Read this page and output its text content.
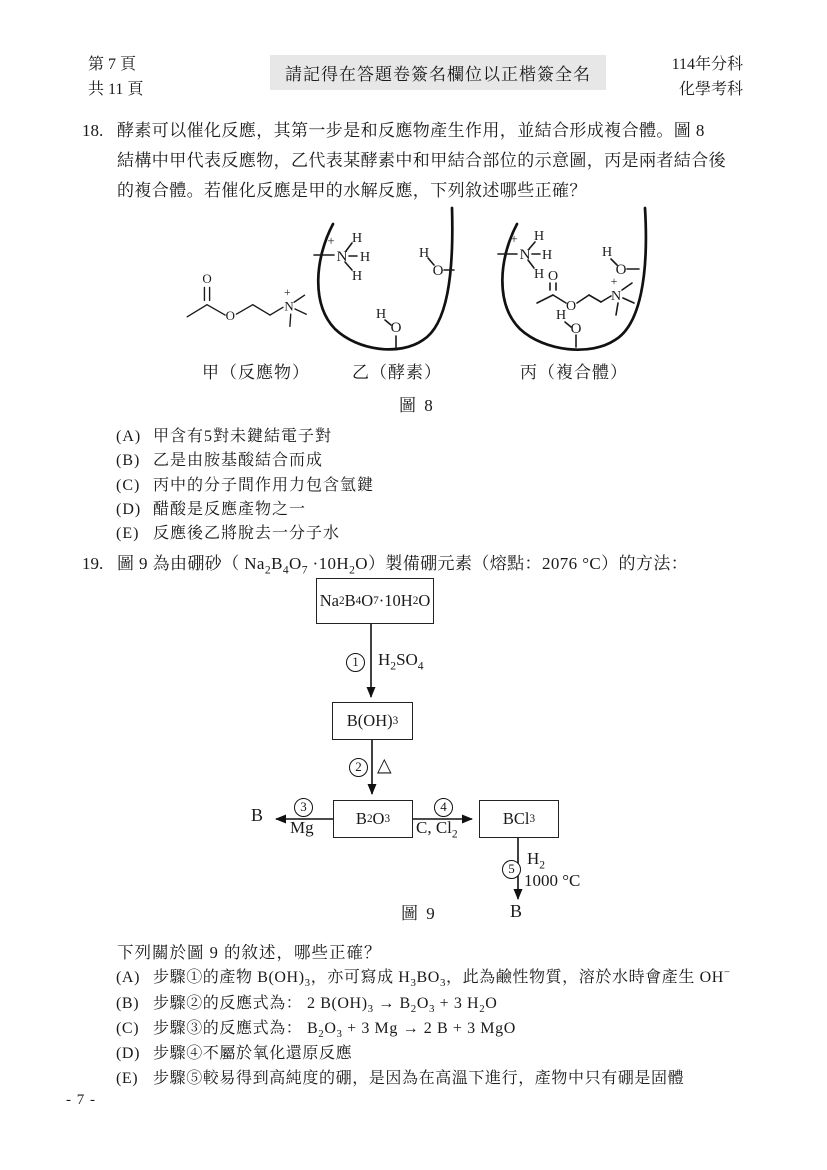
第 7 頁
共 11 頁
請記得在答題卷簽名欄位以正楷簽全名
114年分科
化學考科
18. 酵素可以催化反應，其第一步是和反應物產生作用，並結合形成複合體。圖 8
結構中甲代表反應物，乙代表某酵素中和甲結合部位的示意圖，丙是兩者結合後
的複合體。若催化反應是甲的水解反應，下列敘述哪些正確？
O
O
N
+
N
+ H
H
H
H
O
H
O
N
+ H
H
H
H
O
H
O
O
O
N
+
甲（反應物） 乙（酵素）	丙（複合體）
圖 8
(A) 甲含有5對未鍵結電子對
(B) 乙是由胺基酸結合而成
(C) 丙中的分子間作用力包含氫鍵
(D) 醋酸是反應產物之一
(E) 反應後乙將脫去一分子水
19. 圖 9 為由硼砂（ $Na_2B_4O_7 \cdot 10H_2O$）製備硼元素（熔點：2076 °C）的方法：
Na 2 B 4 O 7 ·10H 2 O
B(OH) 3
B 2 O 3	BCl 3
1
2
3	4
5
$H_2SO_4$
△
Mg	C, $Cl_2$
$H_2$
1000 °C
B
B
圖 9
下列關於圖 9 的敘述，哪些正確？
(A) 步驟①的產物 $B(OH)_3$，亦可寫成 $H_3BO_3$，此為鹼性物質，溶於水時會產生 OH−
(B) 步驟②的反應式為： 2 $B(OH)_3 \to B_2O_3 + 3$ $H_2O$
(C) 步驟③的反應式為： $B_2O_3 + 3$ Mg → 2 B + 3 MgO
(D) 步驟④不屬於氧化還原反應
(E) 步驟⑤較易得到高純度的硼，是因為在高溫下進行，產物中只有硼是固體
- 7 -
